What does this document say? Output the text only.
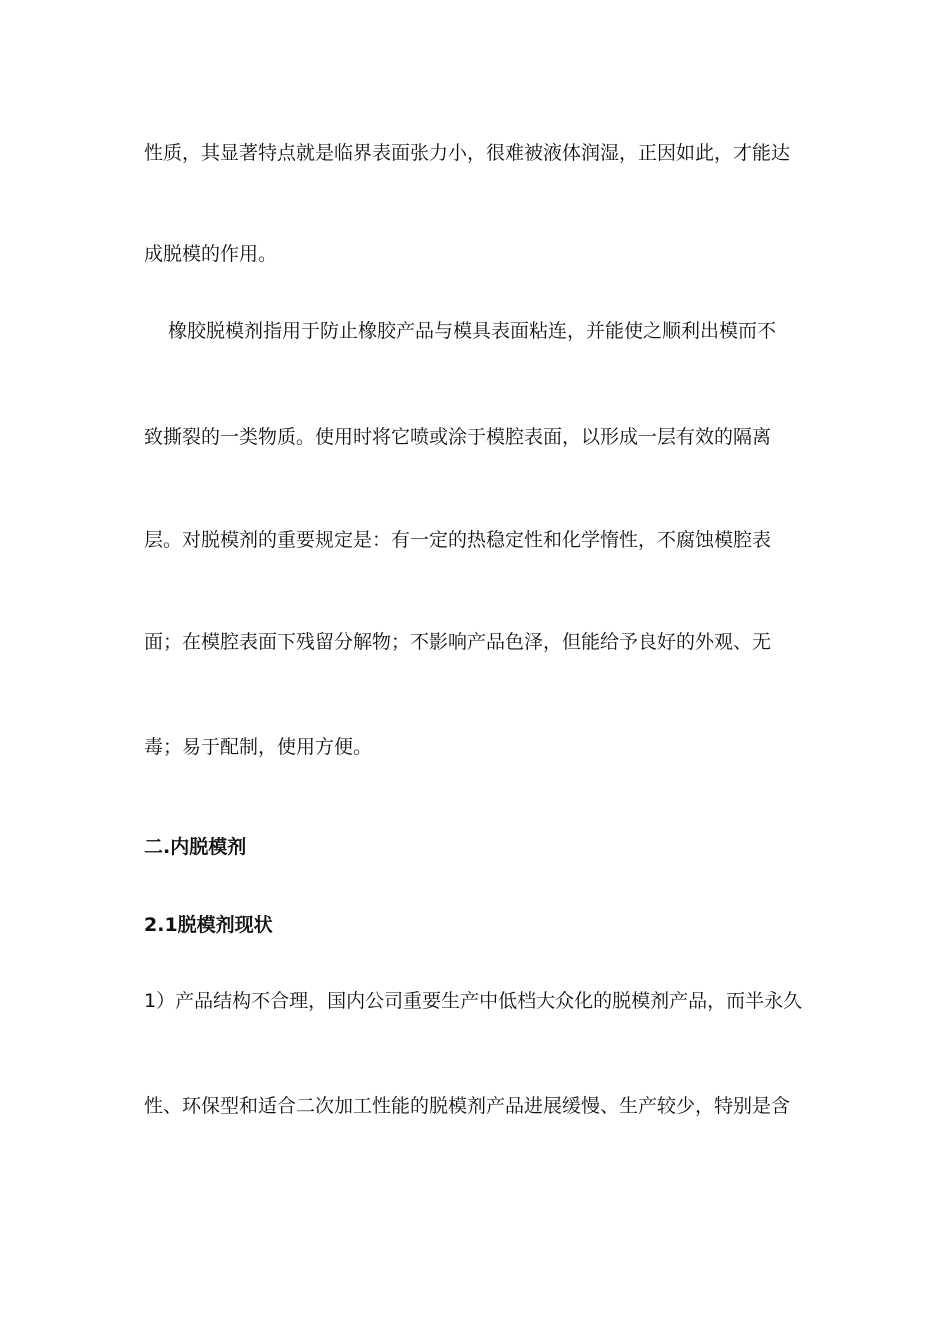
性质，其显著特点就是临界表面张力小，很难被液体润湿，正因如此，才能达
成脱模的作用。
橡胶脱模剂指用于防止橡胶产品与模具表面粘连，并能使之顺利出模而不
致撕裂的一类物质。使用时将它喷或涂于模腔表面，以形成一层有效的隔离
层。对脱模剂的重要规定是：有一定的热稳定性和化学惰性，不腐蚀模腔表
面；在模腔表面下残留分解物；不影响产品色泽，但能给予良好的外观、无
毒；易于配制，使用方便。
二.内脱模剂
2.1脱模剂现状
1）产品结构不合理，国内公司重要生产中低档大众化的脱模剂产品，而半永久
性、环保型和适合二次加工性能的脱模剂产品进展缓慢、生产较少，特别是含
